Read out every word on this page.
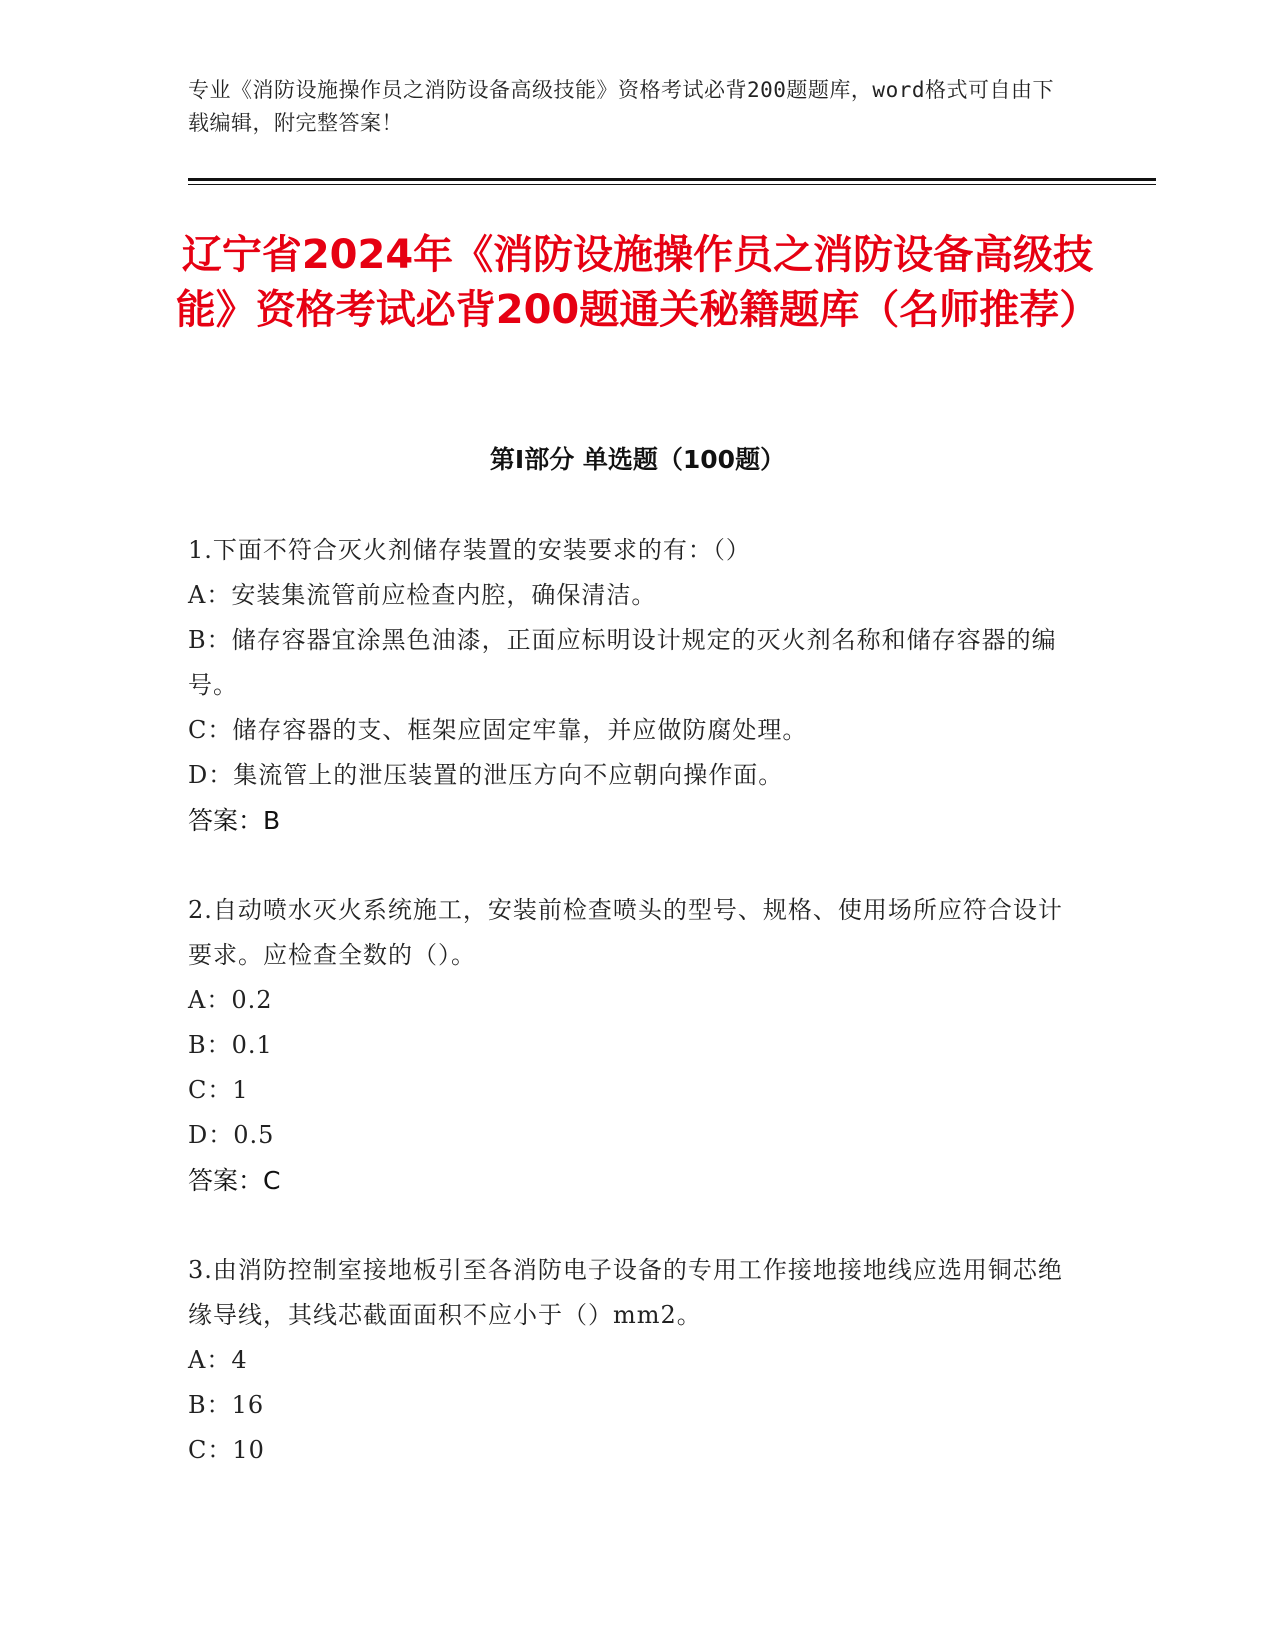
专业《消防设施操作员之消防设备高级技能》资格考试必背200题题库，word格式可自由下载编辑，附完整答案！
辽宁省2024年《消防设施操作员之消防设备高级技能》资格考试必背200题通关秘籍题库（名师推荐）
第I部分 单选题（100题）
1.下面不符合灭火剂储存装置的安装要求的有：（）
A：安装集流管前应检查内腔，确保清洁。
B：储存容器宜涂黑色油漆，正面应标明设计规定的灭火剂名称和储存容器的编号。
C：储存容器的支、框架应固定牢靠，并应做防腐处理。
D：集流管上的泄压装置的泄压方向不应朝向操作面。
答案：B
2.自动喷水灭火系统施工，安装前检查喷头的型号、规格、使用场所应符合设计要求。应检查全数的（）。
A：0.2
B：0.1
C：1
D：0.5
答案：C
3.由消防控制室接地板引至各消防电子设备的专用工作接地接地线应选用铜芯绝缘导线，其线芯截面面积不应小于（）mm2。
A：4
B：16
C：10
